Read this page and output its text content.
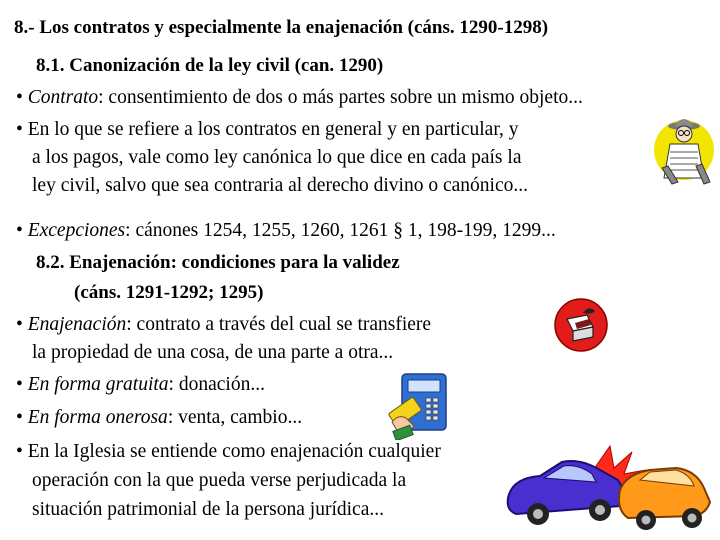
8.- Los contratos y especialmente la enajenación (cáns. 1290-1298)
8.1. Canonización de la ley civil (can. 1290)
• Contrato: consentimiento de dos o más partes sobre un mismo objeto...
• En lo que se refiere a los contratos en general y en particular, y
a los pagos, vale como ley canónica lo que dice en cada país la
ley civil, salvo que sea contraria al derecho divino o canónico...
• Excepciones: cánones 1254, 1255, 1260, 1261 § 1, 198-199, 1299...
8.2. Enajenación: condiciones para la validez
(cáns. 1291-1292; 1295)
• Enajenación: contrato a través del cual se transfiere
la propiedad de una cosa, de una parte a otra...
• En forma gratuita: donación...
• En forma onerosa: venta, cambio...
• En la Iglesia se entiende como enajenación cualquier
operación con la que pueda verse perjudicada la
situación patrimonial de la persona jurídica...
